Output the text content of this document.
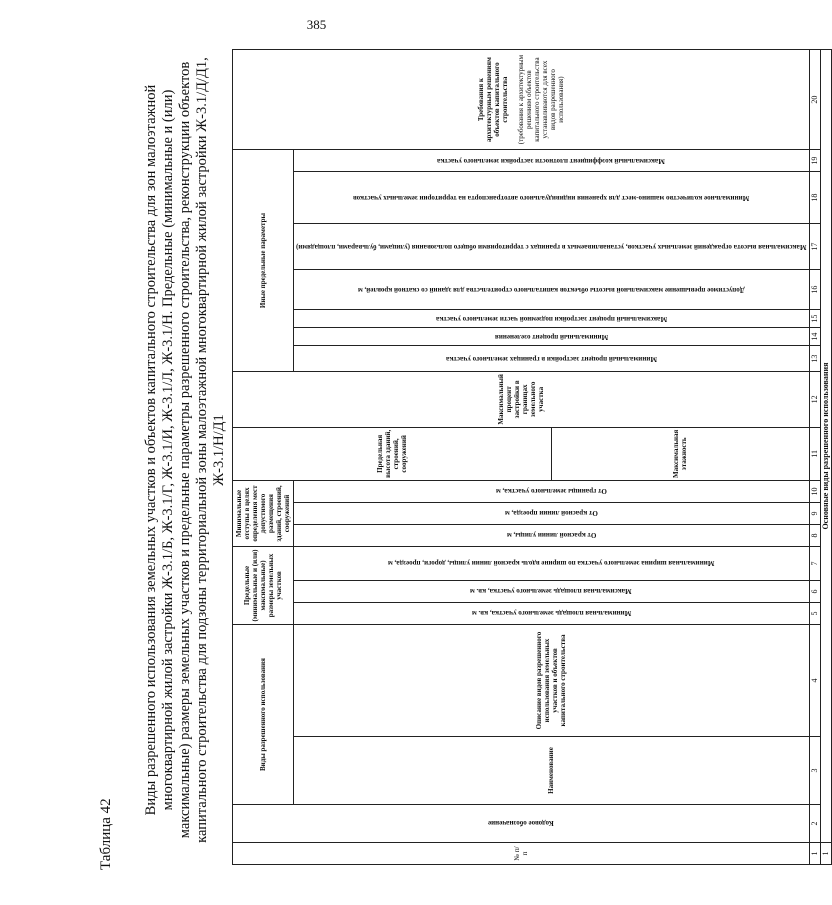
385
Таблица 42
Виды разрешенного использования земельных участков и объектов капитального строительства для зон малоэтажной многоквартирной жилой застройки Ж-3.1/Б, Ж-3.1/Г, Ж-3.1/И, Ж-3.1/Л, Ж-3.1/Н. Предельные (минимальные и (или) максимальные) размеры земельных участков и предельные параметры разрешенного строительства, реконструкции объектов капитального строительства для подзоны территориальной зоны малоэтажной многоквартирной жилой застройки Ж-3.1/Д/Д1, Ж-3.1/Н/Д1
№ п/п	Кодовое обозначение	Виды разрешенного использования		Предельные (минимальные и (или) максимальные) размеры земельных участков			Минимальные отступы в целях определения мест допустимого размещения зданий, строений, сооружений			Предельная высота зданий, строений, сооружений	Максимальный процент застройки в границах земельного участка	Иные предельные параметры							Требования к архитектурным решениям объектов капитального строительства (требования к архитектурным решениям объектов капитального строительства устанавливаются для всех видов разрешенного использования)

		Наименование	Описание видов разрешенного использования земельных участков и объектов капитального строительства	Минимальная площадь земельного участка, кв. м	Максимальная площадь земельного участка, кв. м	Минимальная ширина земельного участка по ширине вдоль красной линии улицы, дороги, проезда, м	От красной линии улицы, м	От красной линии проезда, м	От границы земельного участка, м			Минимальный процент застройки в границах земельного участка	Минимальный процент озеленения	Максимальный процент застройки подземной части земельного участка	Допустимое превышение максимальной высоты объектов капитального строительства для зданий со скатной кровлей, м	Максимальная высота ограждений земельных участков, устанавливаемых в границах с территориями общего пользования (улицами, бульварами, площадями)	Минимальное количество машино-мест для хранения индивидуального автотранспорта на территории земельных участков	Максимальный коэффициент плотности застройки земельного участка	

										Максимальная этажность									
1	2	3	4	5	6	7	8	9	10	11	12	13	14	15	16	17	18	19	20
1	Основные виды разрешенного использования																		
